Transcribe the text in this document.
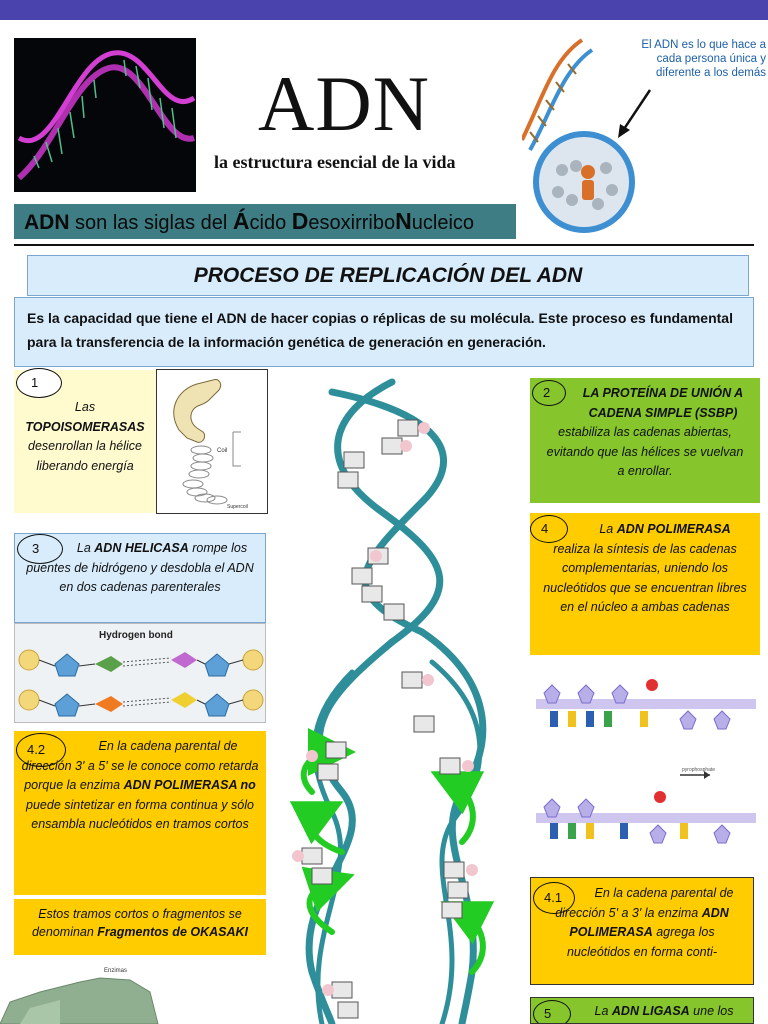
ADN
la estructura esencial de la vida
ADN son las siglas del Ácido DesoxirriboNucleico
El ADN es lo que hace a cada persona única y diferente a los demás
PROCESO DE REPLICACIÓN DEL ADN
Es la capacidad que tiene el ADN de hacer copias o réplicas de su molécula. Este proceso es fundamental para la transferencia de la información genética de generación en generación.
1
Las
TOPOISOMERASAS
desenrollan la hélice liberando energía
Coil
Supercoil
2	LA PROTEÍNA DE UNIÓN A CADENA SIMPLE (SSBP)
estabiliza las cadenas abiertas, evitando que las hélices se vuelvan a enrollar.
3	La ADN HELICASA rompe los puentes de hidrógeno y desdobla el ADN en dos cadenas parenterales
Hydrogen bond
4	La ADN POLIMERASA
realiza la síntesis de las cadenas complementarias, uniendo los nucleótidos que se encuentran libres en el núcleo a ambas cadenas
pyrophosphate
4.2	En la cadena parental de dirección 3' a 5' se le conoce como retarda porque la enzima ADN POLIMERASA no puede sintetizar en forma continua y sólo ensambla nucleótidos en tramos cortos
Estos tramos cortos o fragmentos se denominan Fragmentos de OKASAKI
4.1	En la cadena parental de dirección 5' a 3' la enzima ADN POLIMERASA agrega los nucleótidos en forma conti-
5	La ADN LIGASA une los
Enzimas
